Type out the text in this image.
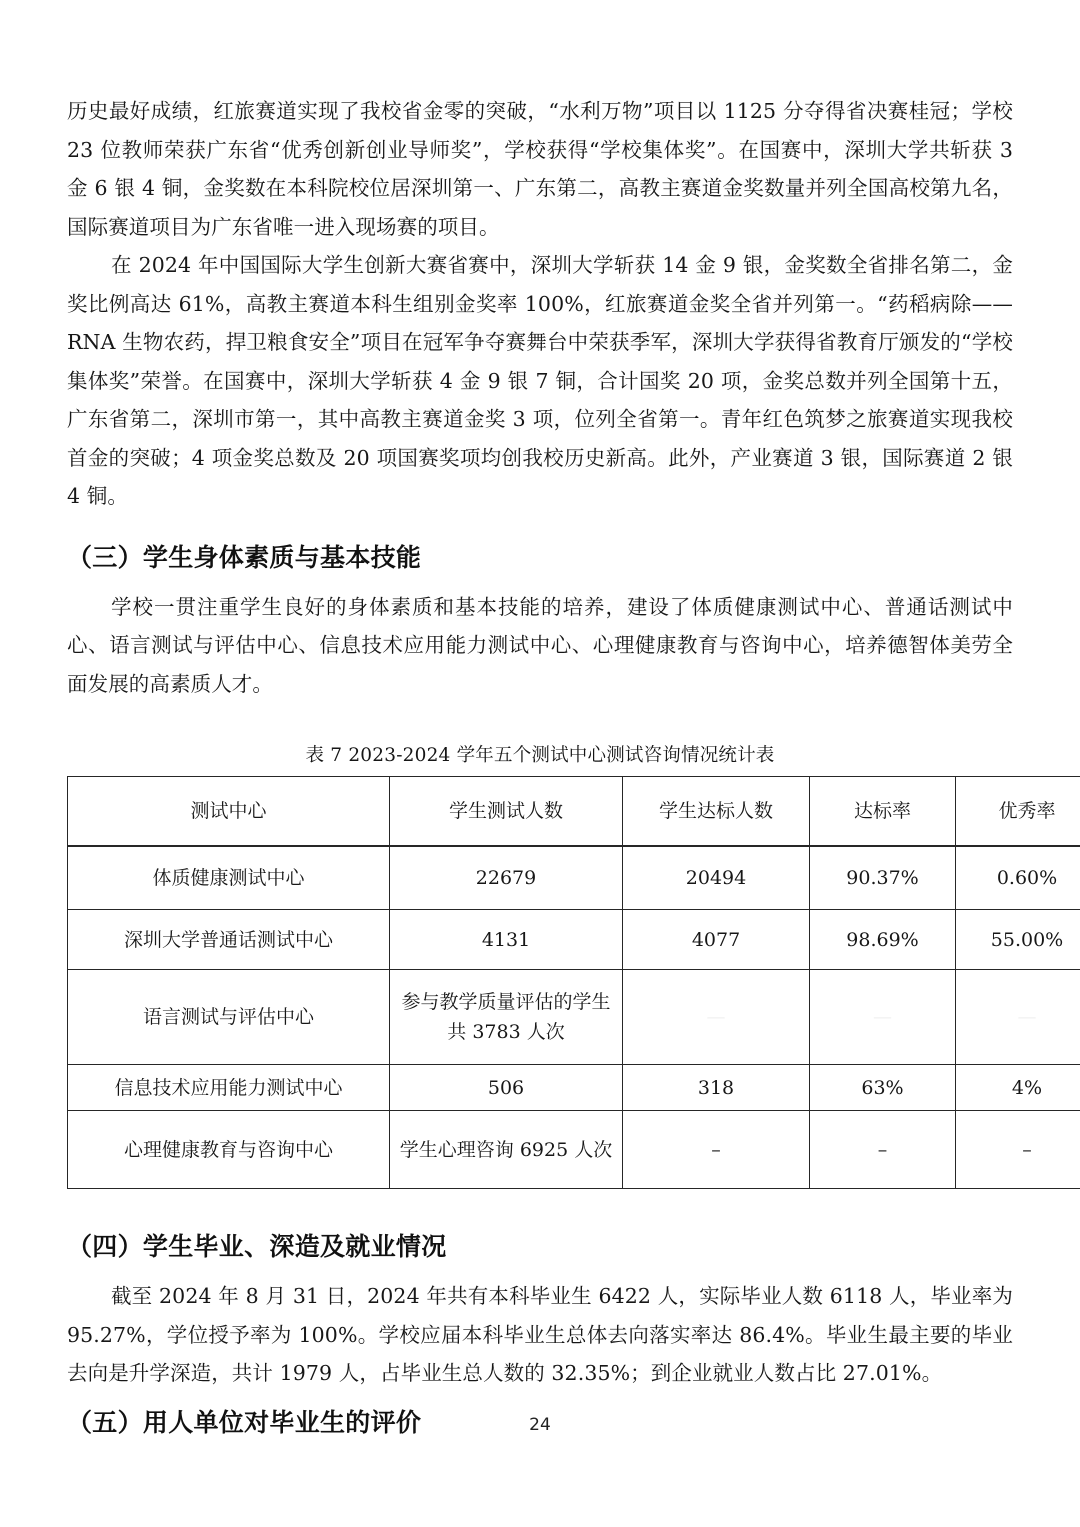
历史最好成绩，红旅赛道实现了我校省金零的突破，“水利万物”项目以 1125 分夺得省决赛桂冠；学校 23 位教师荣获广东省“优秀创新创业导师奖”，学校获得“学校集体奖”。在国赛中，深圳大学共斩获 3 金 6 银 4 铜，金奖数在本科院校位居深圳第一、广东第二，高教主赛道金奖数量并列全国高校第九名，国际赛道项目为广东省唯一进入现场赛的项目。

在 2024 年中国国际大学生创新大赛省赛中，深圳大学斩获 14 金 9 银，金奖数全省排名第二，金奖比例高达 61%，高教主赛道本科生组别金奖率 100%，红旅赛道金奖全省并列第一。“药稻病除——RNA 生物农药，捍卫粮食安全”项目在冠军争夺赛舞台中荣获季军，深圳大学获得省教育厅颁发的“学校集体奖”荣誉。在国赛中，深圳大学斩获 4 金 9 银 7 铜，合计国奖 20 项，金奖总数并列全国第十五，广东省第二，深圳市第一，其中高教主赛道金奖 3 项，位列全省第一。青年红色筑梦之旅赛道实现我校首金的突破；4 项金奖总数及 20 项国赛奖项均创我校历史新高。此外，产业赛道 3 银，国际赛道 2 银 4 铜。

（三）学生身体素质与基本技能

学校一贯注重学生良好的身体素质和基本技能的培养，建设了体质健康测试中心、普通话测试中心、语言测试与评估中心、信息技术应用能力测试中心、心理健康教育与咨询中心，培养德智体美劳全面发展的高素质人才。

表 7 2023-2024 学年五个测试中心测试咨询情况统计表
测试中心	学生测试人数	学生达标人数	达标率	优秀率
体质健康测试中心	22679	20494	90.37%	0.60%
深圳大学普通话测试中心	4131	4077	98.69%	55.00%
语言测试与评估中心	参与教学质量评估的学生共 3783 人次	—	—	—
信息技术应用能力测试中心	506	318	63%	4%
心理健康教育与咨询中心	学生心理咨询 6925 人次	–	–	–
（四）学生毕业、深造及就业情况

截至 2024 年 8 月 31 日，2024 年共有本科毕业生 6422 人，实际毕业人数 6118 人，毕业率为 95.27%，学位授予率为 100%。学校应届本科毕业生总体去向落实率达 86.4%。毕业生最主要的毕业去向是升学深造，共计 1979 人，占毕业生总人数的 32.35%；到企业就业人数占比 27.01%。

（五）用人单位对毕业生的评价	24
